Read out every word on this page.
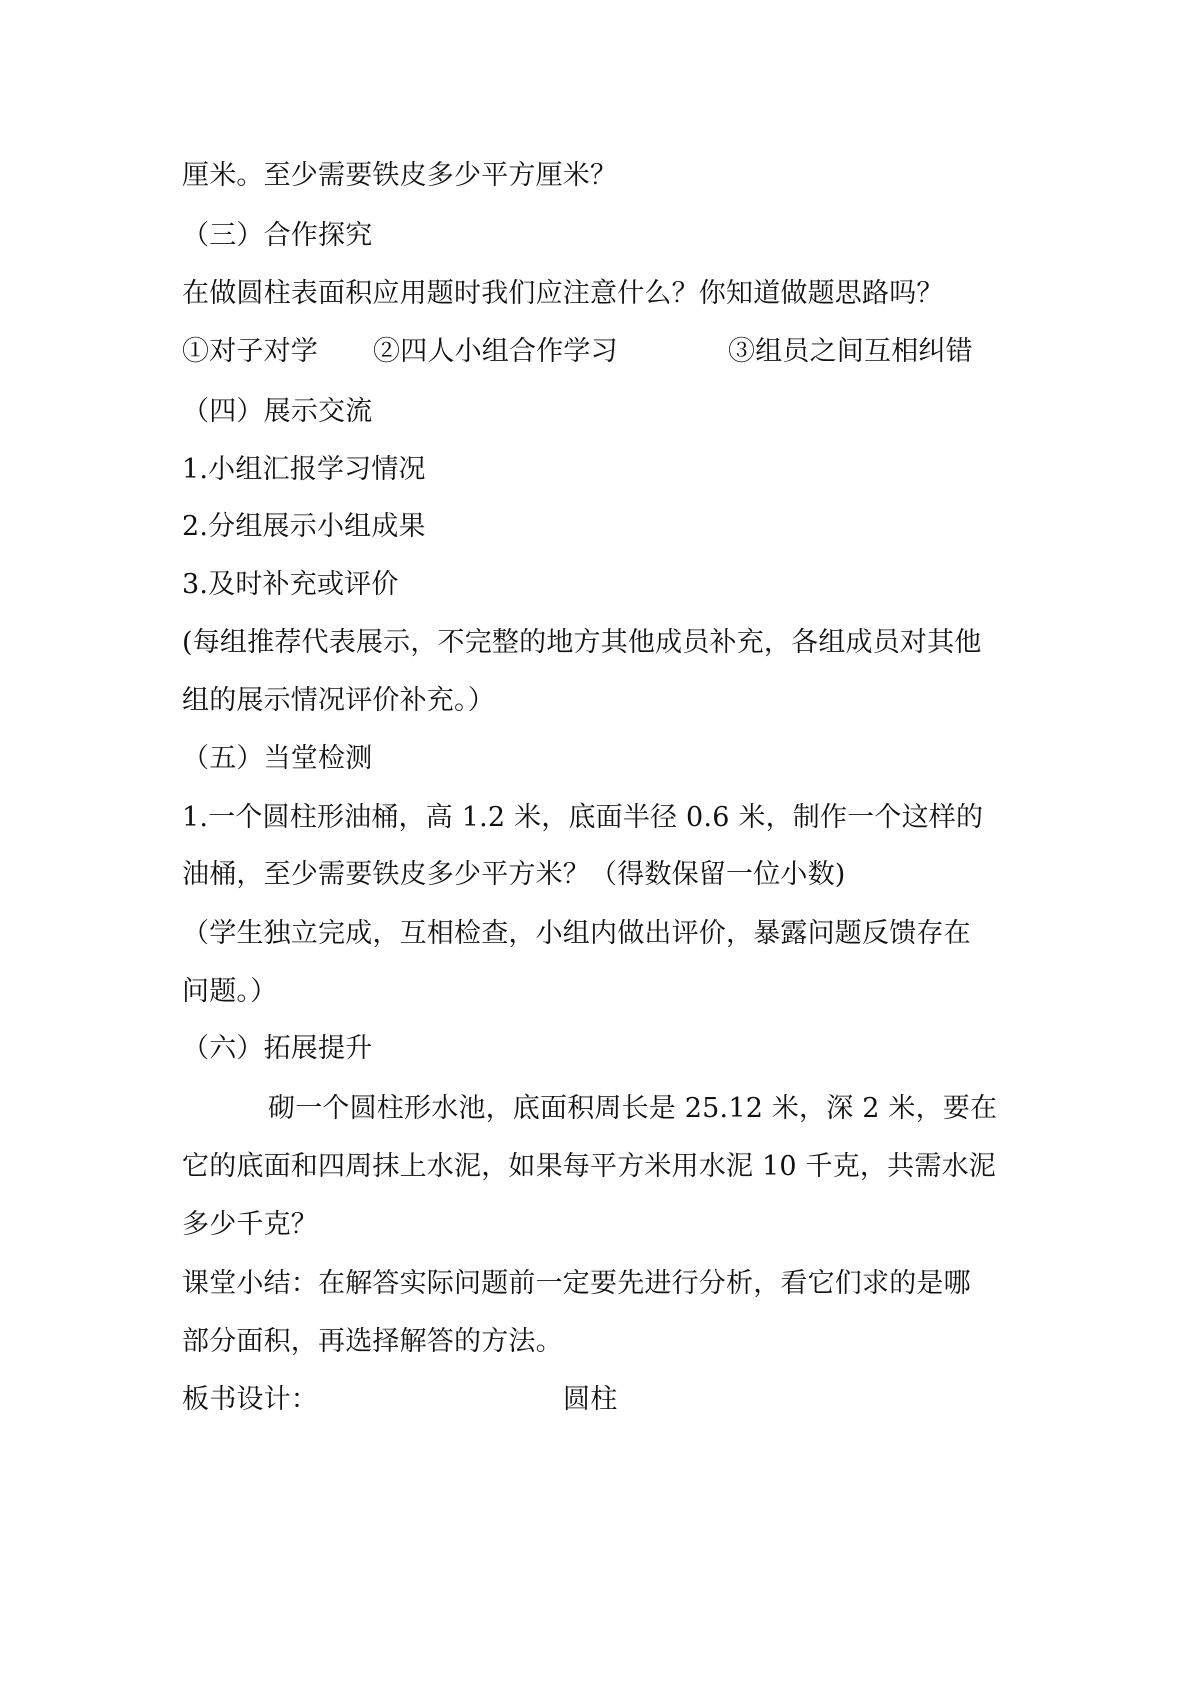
厘米。至少需要铁皮多少平方厘米？
（三）合作探究
在做圆柱表面积应用题时我们应注意什么？你知道做题思路吗？
①对子对学 ②四人小组合作学习	③组员之间互相纠错
（四）展示交流
1.小组汇报学习情况
2.分组展示小组成果
3.及时补充或评价
(每组推荐代表展示，不完整的地方其他成员补充，各组成员对其他
组的展示情况评价补充。）
（五）当堂检测
1.一个圆柱形油桶，高 1.2 米，底面半径 0.6 米，制作一个这样的
油桶，至少需要铁皮多少平方米？（得数保留一位小数)
（学生独立完成，互相检查，小组内做出评价，暴露问题反馈存在
问题。）
（六）拓展提升
砌一个圆柱形水池，底面积周长是 25.12 米，深 2 米，要在
它的底面和四周抹上水泥，如果每平方米用水泥 10 千克，共需水泥
多少千克？
课堂小结：在解答实际问题前一定要先进行分析，看它们求的是哪
部分面积，再选择解答的方法。
板书设计：	圆柱
